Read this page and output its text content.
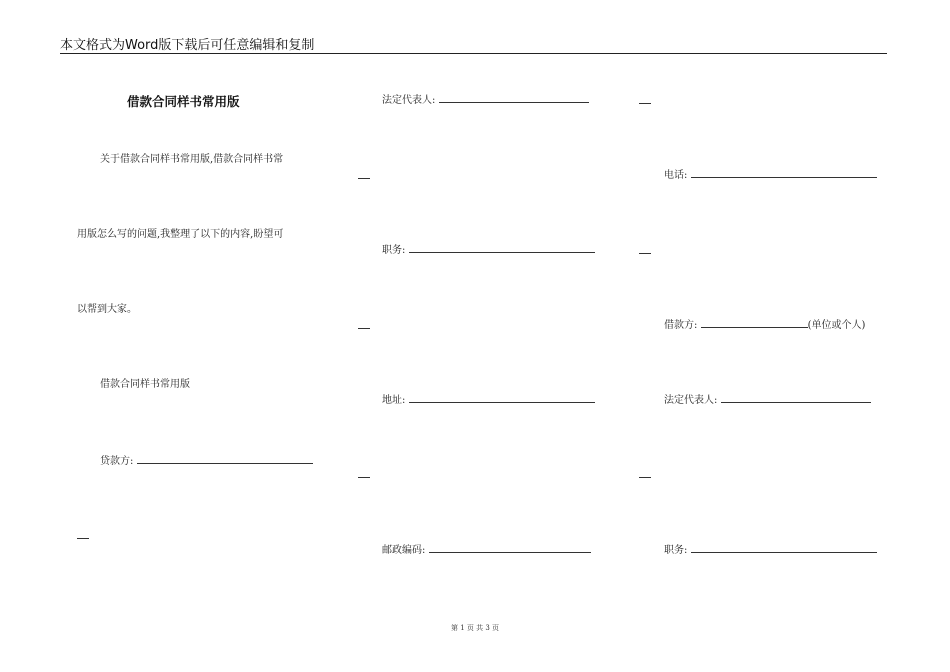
本文格式为Word版下载后可任意编辑和复制
借款合同样书常用版
关于借款合同样书常用版,借款合同样书常
用版怎么写的问题,我整理了以下的内容,盼望可
以帮到大家。
借款合同样书常用版
贷款方:
法定代表人:
职务:
地址:
邮政编码:
电话:
借款方:	(单位或个人)
法定代表人:
职务:
第 1 页 共 3 页
